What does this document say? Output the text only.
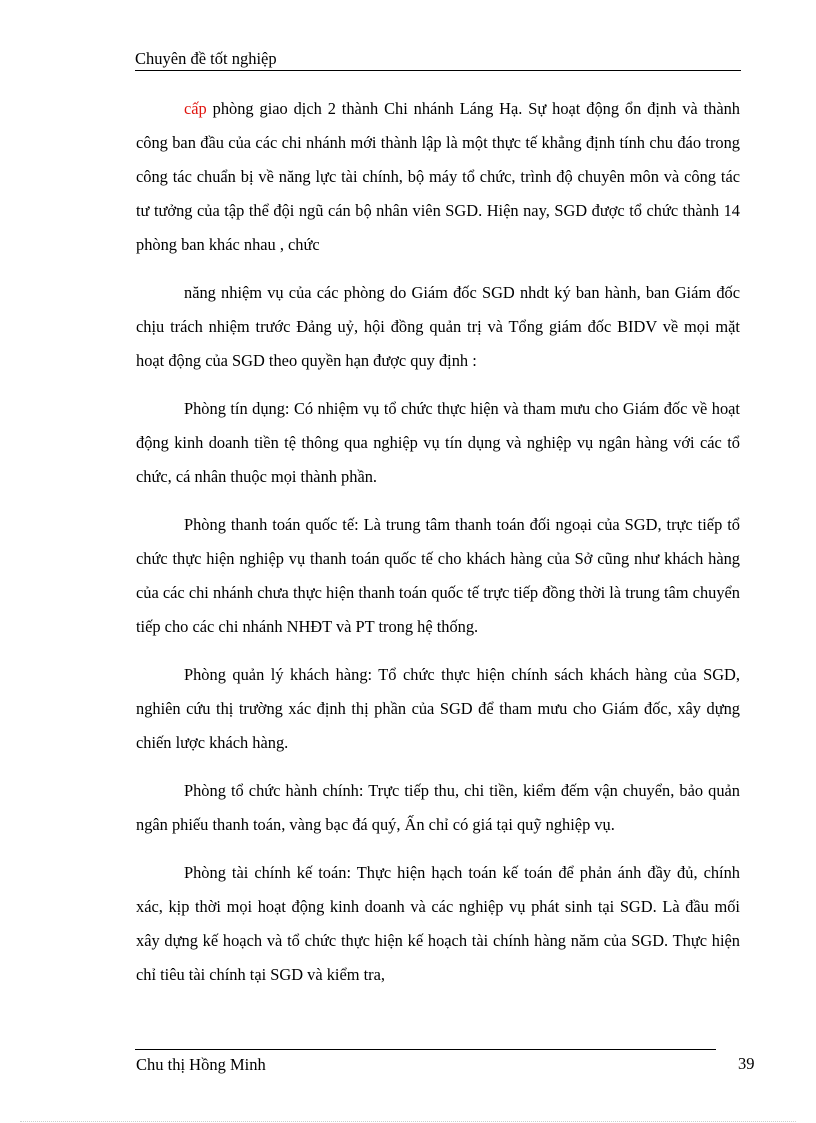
Chuyên đề tốt nghiệp

cấp phòng giao dịch 2 thành Chi nhánh Láng Hạ. Sự hoạt động ổn định và thành công ban đầu của các chi nhánh mới thành lập là một thực tế khẳng định tính chu đáo trong công tác chuẩn bị về năng lực tài chính, bộ máy tổ chức, trình độ chuyên môn và công tác tư tưởng của tập thể đội ngũ cán bộ nhân viên SGD. Hiện nay, SGD được tổ chức thành 14 phòng ban khác nhau , chức

năng nhiệm vụ của các phòng do Giám đốc SGD nhdt ký ban hành, ban Giám đốc chịu trách nhiệm trước Đảng uỷ, hội đồng quản trị và Tổng giám đốc BIDV về mọi mặt hoạt động của SGD theo quyền hạn được quy định :

Phòng tín dụng: Có nhiệm vụ tổ chức thực hiện và tham mưu cho Giám đốc về hoạt động kinh doanh tiền tệ thông qua nghiệp vụ tín dụng và nghiệp vụ ngân hàng với các tổ chức, cá nhân thuộc mọi thành phần.

Phòng thanh toán quốc tế: Là trung tâm thanh toán đối ngoại của SGD, trực tiếp tổ chức thực hiện nghiệp vụ thanh toán quốc tế cho khách hàng của Sở cũng như khách hàng của các chi nhánh chưa thực hiện thanh toán quốc tế trực tiếp đồng thời là trung tâm chuyển tiếp cho các chi nhánh NHĐT và PT trong hệ thống.

Phòng quản lý khách hàng: Tổ chức thực hiện chính sách khách hàng của SGD, nghiên cứu thị trường xác định thị phần của SGD để tham mưu cho Giám đốc, xây dựng chiến lược khách hàng.

Phòng tổ chức hành chính: Trực tiếp thu, chi tiền, kiểm đếm vận chuyển, bảo quản ngân phiếu thanh toán, vàng bạc đá quý, Ấn chỉ có giá tại quỹ nghiệp vụ.

Phòng tài chính kế toán: Thực hiện hạch toán kế toán để phản ánh đầy đủ, chính xác, kịp thời mọi hoạt động kinh doanh và các nghiệp vụ phát sinh tại SGD. Là đầu mối xây dựng kế hoạch và tổ chức thực hiện kế hoạch tài chính hàng năm của SGD. Thực hiện chỉ tiêu tài chính tại SGD và kiểm tra,

Chu thị Hồng Minh	39
